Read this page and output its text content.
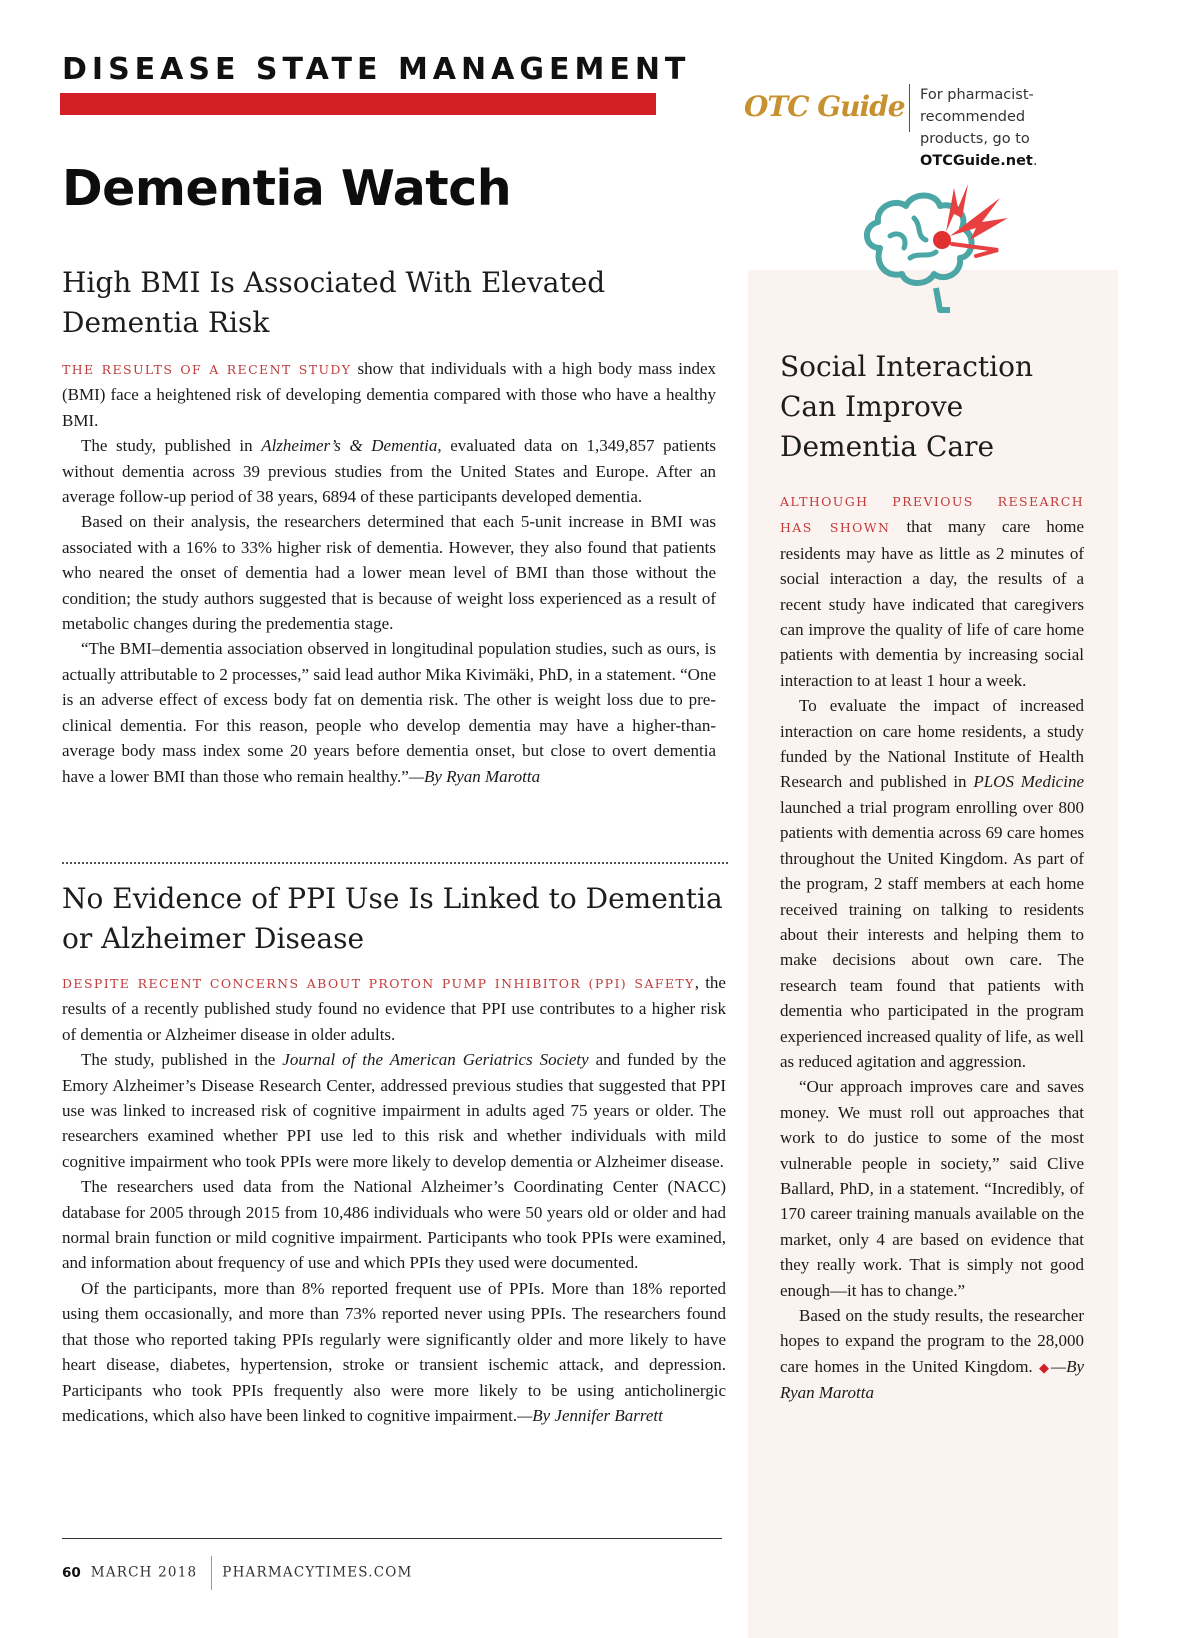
DISEASE STATE MANAGEMENT
OTC Guide For pharmacist-recommended
products, go to OTCGuide.net.
Dementia Watch
High BMI Is Associated With Elevated Dementia Risk

THE RESULTS OF A RECENT STUDY show that individuals with a high body mass index (BMI) face a heightened risk of developing dementia compared with those who have a healthy BMI.

The study, published in Alzheimer’s & Dementia, evaluated data on 1,349,857 patients without dementia across 39 previous studies from the United States and Europe. After an average follow-up period of 38 years, 6894 of these participants developed dementia.

Based on their analysis, the researchers determined that each 5-unit increase in BMI was associated with a 16% to 33% higher risk of dementia. However, they also found that patients who neared the onset of dementia had a lower mean level of BMI than those without the condition; the study authors suggested that is because of weight loss experienced as a result of metabolic changes during the predementia stage.

“The BMI–dementia association observed in longitudinal population studies, such as ours, is actually attributable to 2 processes,” said lead author Mika Kivimäki, PhD, in a statement. “One is an adverse effect of excess body fat on dementia risk. The other is weight loss due to pre-clinical dementia. For this reason, people who develop dementia may have a higher-than-average body mass index some 20 years before dementia onset, but close to overt dementia have a lower BMI than those who remain healthy.”—By Ryan Marotta

No Evidence of PPI Use Is Linked to Dementia or Alzheimer Disease

DESPITE RECENT CONCERNS ABOUT PROTON PUMP INHIBITOR (PPI) SAFETY, the results of a recently published study found no evidence that PPI use contributes to a higher risk of dementia or Alzheimer disease in older adults.

The study, published in the Journal of the American Geriatrics Society and funded by the Emory Alzheimer’s Disease Research Center, addressed previous studies that suggested that PPI use was linked to increased risk of cognitive impairment in adults aged 75 years or older. The researchers examined whether PPI use led to this risk and whether individuals with mild cognitive impairment who took PPIs were more likely to develop dementia or Alzheimer disease.

The researchers used data from the National Alzheimer’s Coordinating Center (NACC) database for 2005 through 2015 from 10,486 individuals who were 50 years old or older and had normal brain function or mild cognitive impairment. Participants who took PPIs were examined, and information about frequency of use and which PPIs they used were documented.

Of the participants, more than 8% reported frequent use of PPIs. More than 18% reported using them occasionally, and more than 73% reported never using PPIs. The researchers found that those who reported taking PPIs regularly were significantly older and more likely to have heart disease, diabetes, hypertension, stroke or transient ischemic attack, and depression. Participants who took PPIs frequently also were more likely to be using anticholinergic medications, which also have been linked to cognitive impairment.—By Jennifer Barrett

Social Interaction Can Improve Dementia Care

ALTHOUGH PREVIOUS RESEARCH HAS SHOWN that many care home residents may have as little as 2 minutes of social interaction a day, the results of a recent study have indicated that caregivers can improve the quality of life of care home patients with dementia by increasing social interaction to at least 1 hour a week.

To evaluate the impact of increased interaction on care home residents, a study funded by the National Institute of Health Research and published in PLOS Medicine launched a trial program enrolling over 800 patients with dementia across 69 care homes throughout the United Kingdom. As part of the program, 2 staff members at each home received training on talking to residents about their interests and helping them to make decisions about own care. The research team found that patients with dementia who participated in the program experienced increased quality of life, as well as reduced agitation and aggression.

“Our approach improves care and saves money. We must roll out approaches that work to do justice to some of the most vulnerable people in society,” said Clive Ballard, PhD, in a statement. “Incredibly, of 170 career training manuals available on the market, only 4 are based on evidence that they really work. That is simply not good enough—it has to change.”

Based on the study results, the researcher hopes to expand the program to the 28,000 care homes in the United Kingdom. ◆—By Ryan Marotta

60 MARCH 2018 PHARMACYTIMES.COM
